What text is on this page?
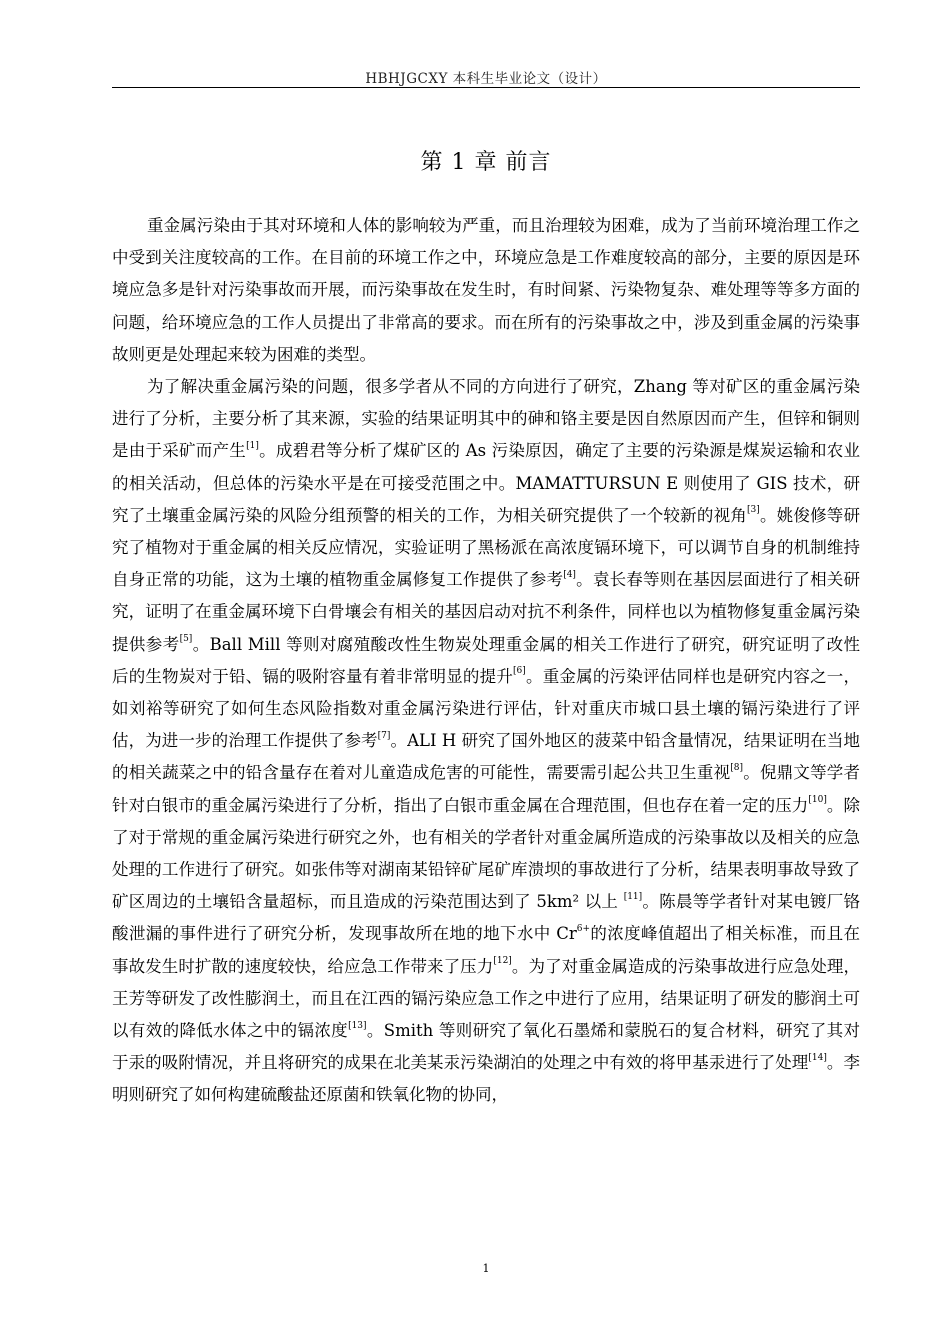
HBHJGCXY 本科生毕业论文（设计）
第 1 章 前言

重金属污染由于其对环境和人体的影响较为严重，而且治理较为困难，成为了当前环境治理工作之中受到关注度较高的工作。在目前的环境工作之中，环境应急是工作难度较高的部分，主要的原因是环境应急多是针对污染事故而开展，而污染事故在发生时，有时间紧、污染物复杂、难处理等等多方面的问题，给环境应急的工作人员提出了非常高的要求。而在所有的污染事故之中，涉及到重金属的污染事故则更是处理起来较为困难的类型。

为了解决重金属污染的问题，很多学者从不同的方向进行了研究，Zhang 等对矿区的重金属污染进行了分析，主要分析了其来源，实验的结果证明其中的砷和铬主要是因自然原因而产生，但锌和铜则是由于采矿而产生[1]。成碧君等分析了煤矿区的 As 污染原因，确定了主要的污染源是煤炭运输和农业的相关活动，但总体的污染水平是在可接受范围之中。MAMATTURSUN E 则使用了 GIS 技术，研究了土壤重金属污染的风险分组预警的相关的工作，为相关研究提供了一个较新的视角[3]。姚俊修等研究了植物对于重金属的相关反应情况，实验证明了黑杨派在高浓度镉环境下，可以调节自身的机制维持自身正常的功能，这为土壤的植物重金属修复工作提供了参考[4]。袁长春等则在基因层面进行了相关研究，证明了在重金属环境下白骨壤会有相关的基因启动对抗不利条件，同样也以为植物修复重金属污染提供参考[5]。Ball Mill 等则对腐殖酸改性生物炭处理重金属的相关工作进行了研究，研究证明了改性后的生物炭对于铅、镉的吸附容量有着非常明显的提升[6]。重金属的污染评估同样也是研究内容之一，如刘裕等研究了如何生态风险指数对重金属污染进行评估，针对重庆市城口县土壤的镉污染进行了评估，为进一步的治理工作提供了参考[7]。ALI H 研究了国外地区的菠菜中铅含量情况，结果证明在当地的相关蔬菜之中的铅含量存在着对儿童造成危害的可能性，需要需引起公共卫生重视[8]。倪鼎文等学者针对白银市的重金属污染进行了分析，指出了白银市重金属在合理范围，但也存在着一定的压力[10]。除了对于常规的重金属污染进行研究之外，也有相关的学者针对重金属所造成的污染事故以及相关的应急处理的工作进行了研究。如张伟等对湖南某铅锌矿尾矿库溃坝的事故进行了分析，结果表明事故导致了矿区周边的土壤铅含量超标，而且造成的污染范围达到了 5km² 以上 [11]。陈晨等学者针对某电镀厂铬酸泄漏的事件进行了研究分析，发现事故所在地的地下水中 $Cr^{6+}$的浓度峰值超出了相关标准，而且在事故发生时扩散的速度较快，给应急工作带来了压力[12]。为了对重金属造成的污染事故进行应急处理，王芳等研发了改性膨润土，而且在江西的镉污染应急工作之中进行了应用，结果证明了研发的膨润土可以有效的降低水体之中的镉浓度[13]。Smith 等则研究了氧化石墨烯和蒙脱石的复合材料，研究了其对于汞的吸附情况，并且将研究的成果在北美某汞污染湖泊的处理之中有效的将甲基汞进行了处理[14]。李明则研究了如何构建硫酸盐还原菌和铁氧化物的协同，

1
